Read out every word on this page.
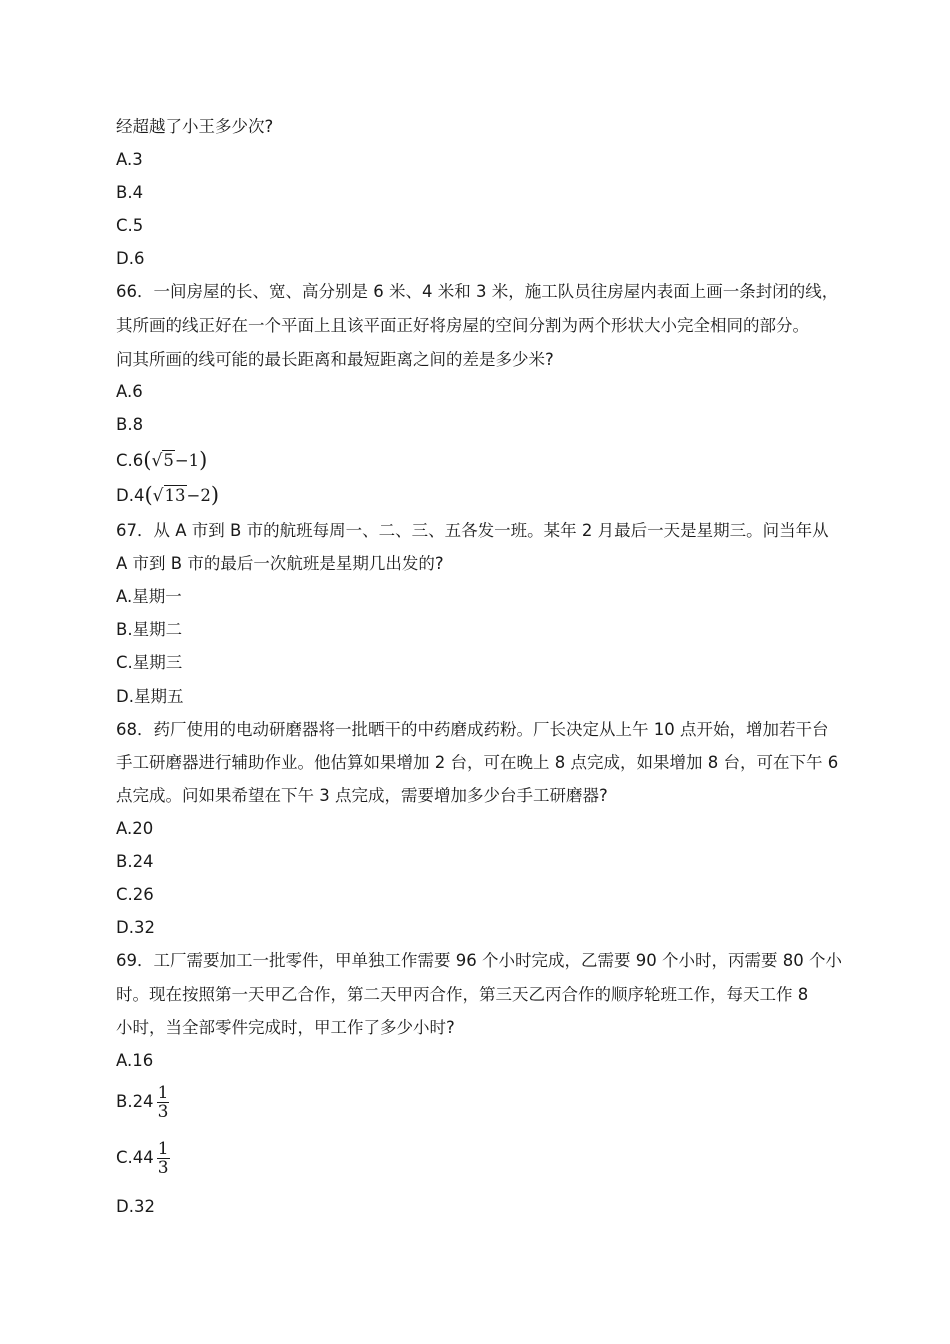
经超越了小王多少次?
A.3
B.4
C.5
D.6
66．一间房屋的长、宽、高分别是 6 米、4 米和 3 米，施工队员往房屋内表面上画一条封闭的线，
其所画的线正好在一个平面上且该平面正好将房屋的空间分割为两个形状大小完全相同的部分。
问其所画的线可能的最长距离和最短距离之间的差是多少米?
A.6
B.8
C.6(√5−1)
D.4(√13−2)
67．从 A 市到 B 市的航班每周一、二、三、五各发一班。某年 2 月最后一天是星期三。问当年从
A 市到 B 市的最后一次航班是星期几出发的?
A.星期一
B.星期二
C.星期三
D.星期五
68．药厂使用的电动研磨器将一批晒干的中药磨成药粉。厂长决定从上午 10 点开始，增加若干台
手工研磨器进行辅助作业。他估算如果增加 2 台，可在晚上 8 点完成，如果增加 8 台，可在下午 6
点完成。问如果希望在下午 3 点完成，需要增加多少台手工研磨器?
A.20
B.24
C.26
D.32
69．工厂需要加工一批零件，甲单独工作需要 96 个小时完成，乙需要 90 个小时，丙需要 80 个小
时。现在按照第一天甲乙合作，第二天甲丙合作，第三天乙丙合作的顺序轮班工作，每天工作 8
小时，当全部零件完成时，甲工作了多少小时?
A.16
$B.24 \frac{1}{3}$
$C.44 \frac{1}{3}$
D.32
